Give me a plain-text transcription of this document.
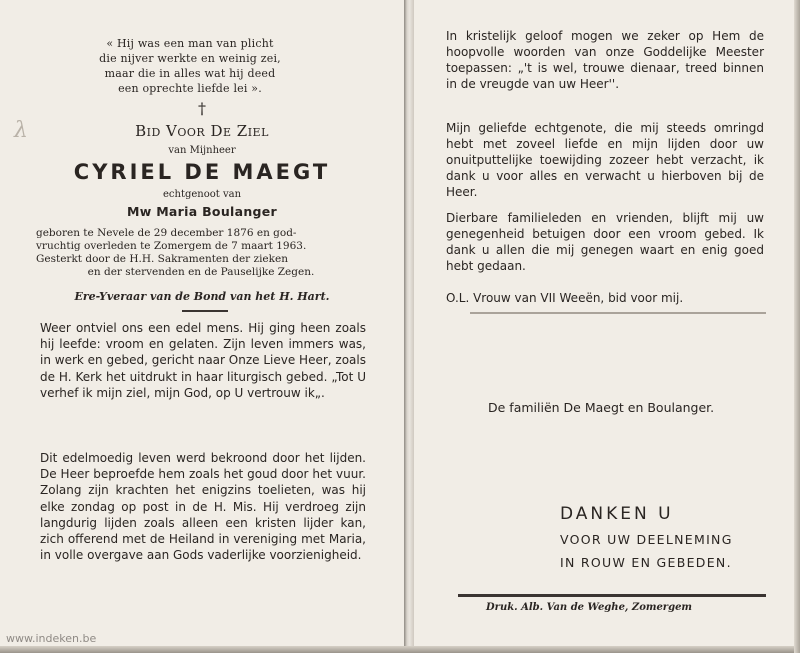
λ
« Hij was een man van plicht
die nijver werkte en weinig zei,
maar die in alles wat hij deed
een oprechte liefde lei ».
†
Bid Voor De Ziel
van Mijnheer
CYRIEL DE MAEGT
echtgenoot van
Mw Maria Boulanger
geboren te Nevele de 29 december 1876 en god-
vruchtig overleden te Zomergem de 7 maart 1963.
Gesterkt door de H.H. Sakramenten der zieken
en der stervenden en de Pauselijke Zegen.
Ere-Yveraar van de Bond van het H. Hart.
Weer ontviel ons een edel mens. Hij ging heen zoals hij leefde: vroom en gelaten. Zijn leven immers was, in werk en gebed, gericht naar Onze Lieve Heer, zoals de H. Kerk het uitdrukt in haar liturgisch gebed. „Tot U verhef ik mijn ziel, mijn God, op U vertrouw ik„.
Dit edelmoedig leven werd bekroond door het lijden. De Heer beproefde hem zoals het goud door het vuur. Zolang zijn krachten het enigzins toelieten, was hij elke zondag op post in de H. Mis. Hij verdroeg zijn langdurig lijden zoals alleen een kristen lijder kan, zich offerend met de Heiland in vereniging met Maria, in volle overgave aan Gods vaderlijke voorzienigheid.
In kristelijk geloof mogen we zeker op Hem de hoopvolle woorden van onze Goddelijke Meester toepassen: „'t is wel, trouwe dienaar, treed binnen in de vreugde van uw Heer''.
Mijn geliefde echtgenote, die mij steeds omringd hebt met zoveel liefde en mijn lijden door uw onuitputtelijke toewijding zozeer hebt verzacht, ik dank u voor alles en verwacht u hierboven bij de Heer.
Dierbare familieleden en vrienden, blijft mij uw genegenheid betuigen door een vroom gebed. Ik dank u allen die mij genegen waart en enig goed hebt gedaan.
O.L. Vrouw van VII Weeën, bid voor mij.
De familiën De Maegt en Boulanger.
DANKEN U
VOOR UW DEELNEMING
IN ROUW EN GEBEDEN.
Druk. Alb. Van de Weghe, Zomergem
www.indeken.be
